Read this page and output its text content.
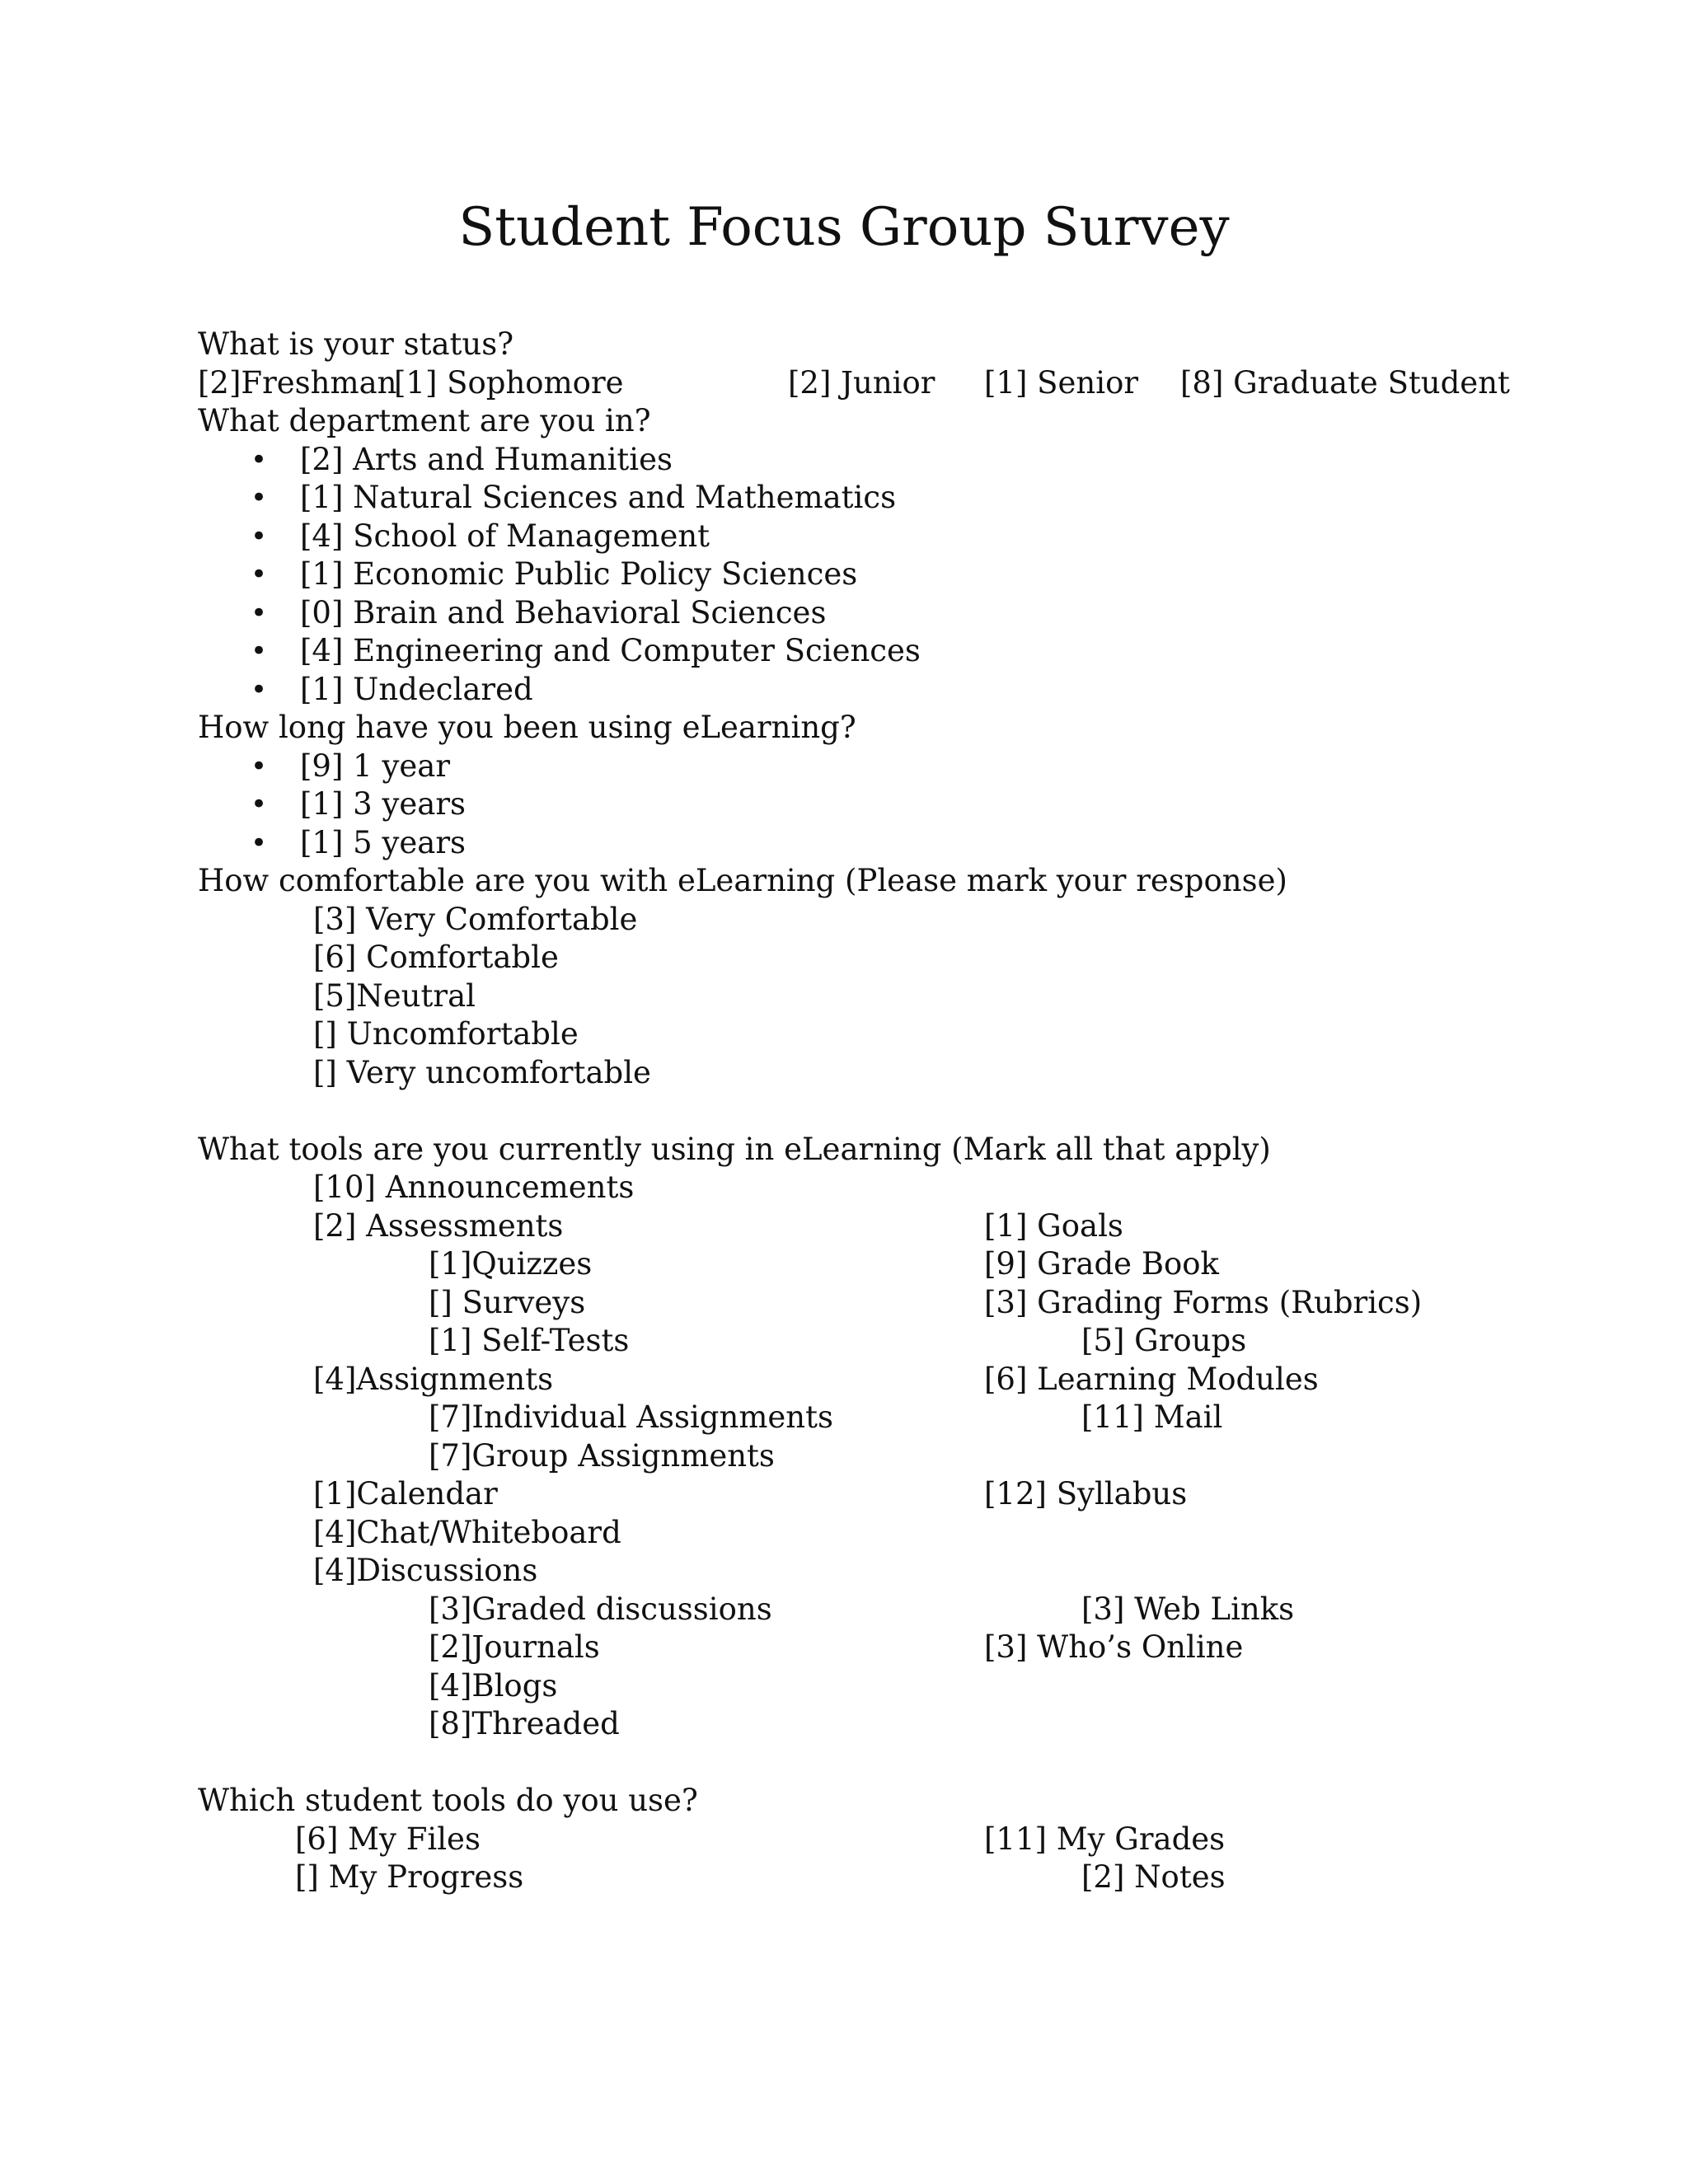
Student Focus Group Survey
What is your status?
[2]Freshman
[1] Sophomore	[2] Junior [1] Senior [8] Graduate Student
What department are you in?
• [2] Arts and Humanities
• [1] Natural Sciences and Mathematics
• [4] School of Management
• [1] Economic Public Policy Sciences
• [0] Brain and Behavioral Sciences
• [4] Engineering and Computer Sciences
• [1] Undeclared
How long have you been using eLearning?
• [9] 1 year
• [1] 3 years
• [1] 5 years
How comfortable are you with eLearning (Please mark your response)
[3] Very Comfortable
[6] Comfortable
[5]Neutral
[] Uncomfortable
[] Very uncomfortable
What tools are you currently using in eLearning (Mark all that apply)
[10] Announcements
[2] Assessments
[1]Quizzes
[] Surveys
[1] Self-Tests
[4]Assignments
[7]Individual Assignments
[7]Group Assignments
[1]Calendar
[4]Chat/Whiteboard
[4]Discussions
[3]Graded discussions
[2]Journals
[4]Blogs
[8]Threaded
[1] Goals
[9] Grade Book
[3] Grading Forms (Rubrics)
[5] Groups
[6] Learning Modules
[11] Mail
[12] Syllabus
[3] Web Links
[3] Who’s Online
Which student tools do you use?
[6] My Files
[] My Progress
[11] My Grades
[2] Notes
